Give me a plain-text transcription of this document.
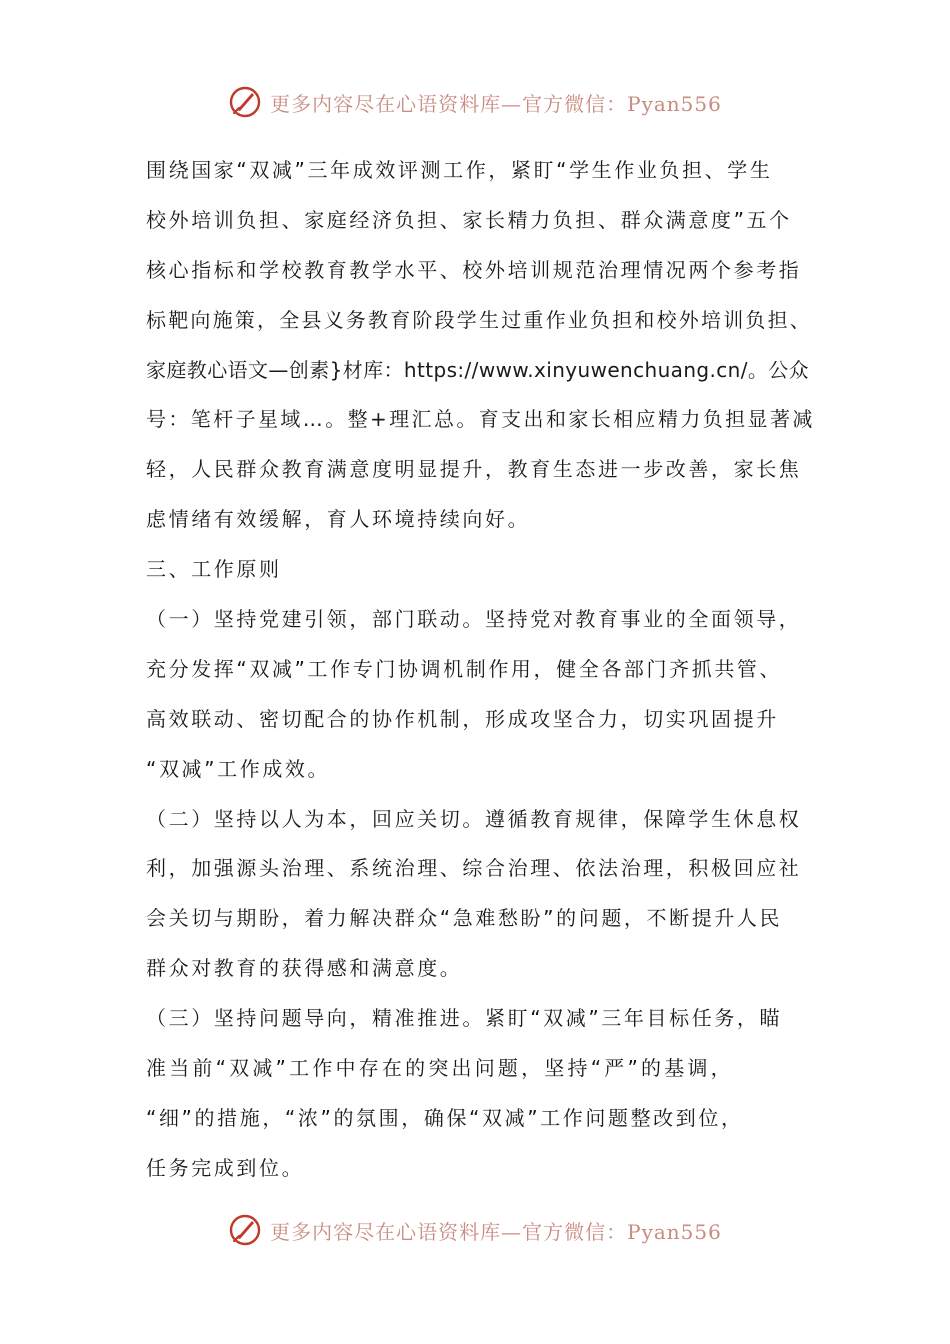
更多内容尽在心语资料库—官方微信：Pyan556
围绕国家“双减”三年成效评测工作，紧盯“学生作业负担、学生
校外培训负担、家庭经济负担、家长精力负担、群众满意度”五个
核心指标和学校教育教学水平、校外培训规范治理情况两个参考指
标靶向施策，全县义务教育阶段学生过重作业负担和校外培训负担、
家庭教心语文—创素}材库：https://www.xinyuwenchuang.cn/。公众
号：笔杆子星域…。整+理汇总。育支出和家长相应精力负担显著减
轻，人民群众教育满意度明显提升，教育生态进一步改善，家长焦
虑情绪有效缓解，育人环境持续向好。
三、工作原则
（一）坚持党建引领，部门联动。坚持党对教育事业的全面领导，
充分发挥“双减”工作专门协调机制作用，健全各部门齐抓共管、
高效联动、密切配合的协作机制，形成攻坚合力，切实巩固提升
“双减”工作成效。
（二）坚持以人为本，回应关切。遵循教育规律，保障学生休息权
利，加强源头治理、系统治理、综合治理、依法治理，积极回应社
会关切与期盼，着力解决群众“急难愁盼”的问题，不断提升人民
群众对教育的获得感和满意度。
（三）坚持问题导向，精准推进。紧盯“双减”三年目标任务，瞄
准当前“双减”工作中存在的突出问题，坚持“严”的基调，
“细”的措施，“浓”的氛围，确保“双减”工作问题整改到位，
任务完成到位。
更多内容尽在心语资料库—官方微信：Pyan556
